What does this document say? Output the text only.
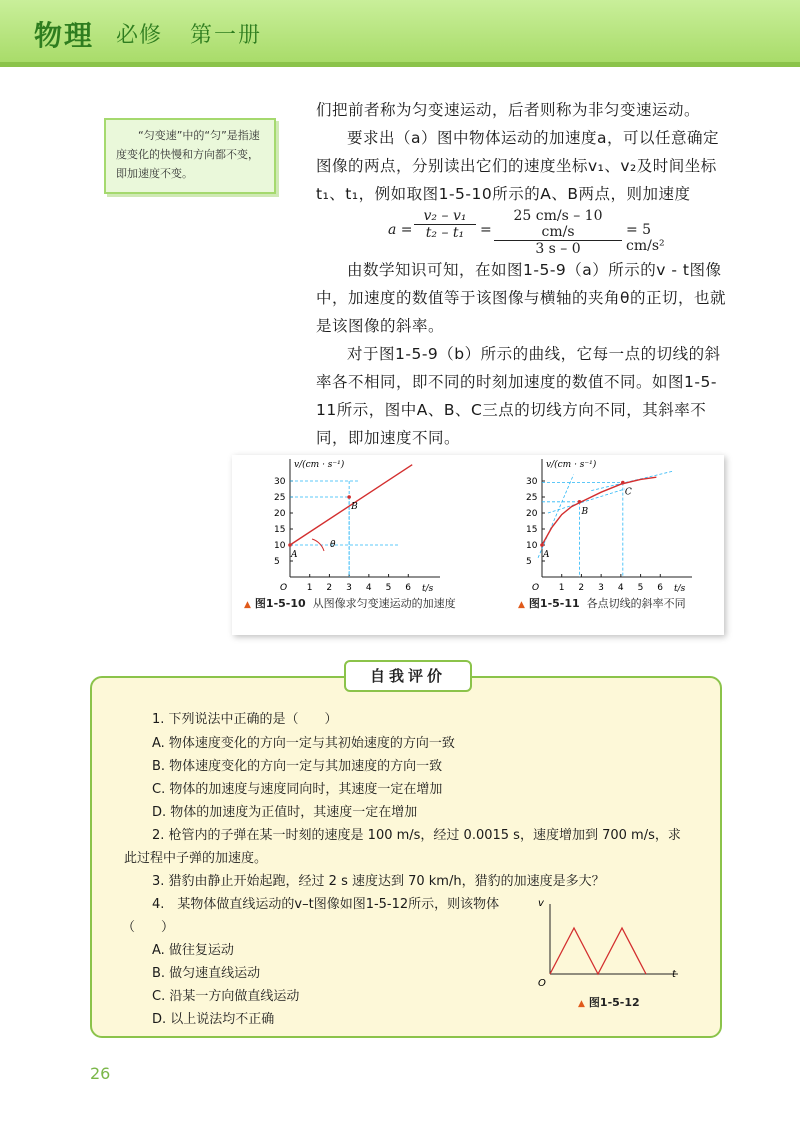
物理 必修 第一册
“匀变速”中的“匀”是指速度变化的快慢和方向都不变，即加速度不变。
们把前者称为匀变速运动，后者则称为非匀变速运动。
要求出（a）图中物体运动的加速度a，可以任意确定图像的两点，分别读出它们的速度坐标v₁、v₂及时间坐标t₁、t₁，例如取图1-5-10所示的A、B两点，则加速度
$a = \frac{\text{v₂ – v₁}}{\text{t₂ – t₁}} = \frac{25 cm/s - 10 cm/s}{3 s - 0} = 5$ cm/s²
由数学知识可知，在如图1-5-9（a）所示的v - t图像中，加速度的数值等于该图像与横轴的夹角θ的正切，也就是该图像的斜率。
对于图1-5-9（b）所示的曲线，它每一点的切线的斜率各不相同，即不同的时刻加速度的数值不同。如图1-5-11所示，图中A、B、C三点的切线方向不同，其斜率不同，即加速度不同。
v/(cm · s⁻¹)
t/s
O 1 2 3 4 5 6
5
10
15
20
25
30
A
B
θ
v/(cm · s⁻¹)
t/s
O 1 2 3 4 5 6
5
10
15
20
25
30
A
B
C
▲ 图1-5-10 从图像求匀变速运动的加速度	▲ 图1-5-11 各点切线的斜率不同
自我评价
1. 下列说法中正确的是（　　）
A. 物体速度变化的方向一定与其初始速度的方向一致
B. 物体速度变化的方向一定与其加速度的方向一致
C. 物体的加速度与速度同向时，其速度一定在增加
D. 物体的加速度为正值时，其速度一定在增加
2. 枪管内的子弹在某一时刻的速度是 100 m/s，经过 0.0015 s，速度增加到 700 m/s，求
此过程中子弹的加速度。
3. 猎豹由静止开始起跑，经过 2 s 速度达到 70 km/h，猎豹的加速度是多大？
4.　某物体做直线运动的v–t图像如图1-5-12所示，则该物体
（　　）
A. 做往复运动
B. 做匀速直线运动
C. 沿某一方向做直线运动
D. 以上说法均不正确
v
t
O
▲ 图1-5-12
26
